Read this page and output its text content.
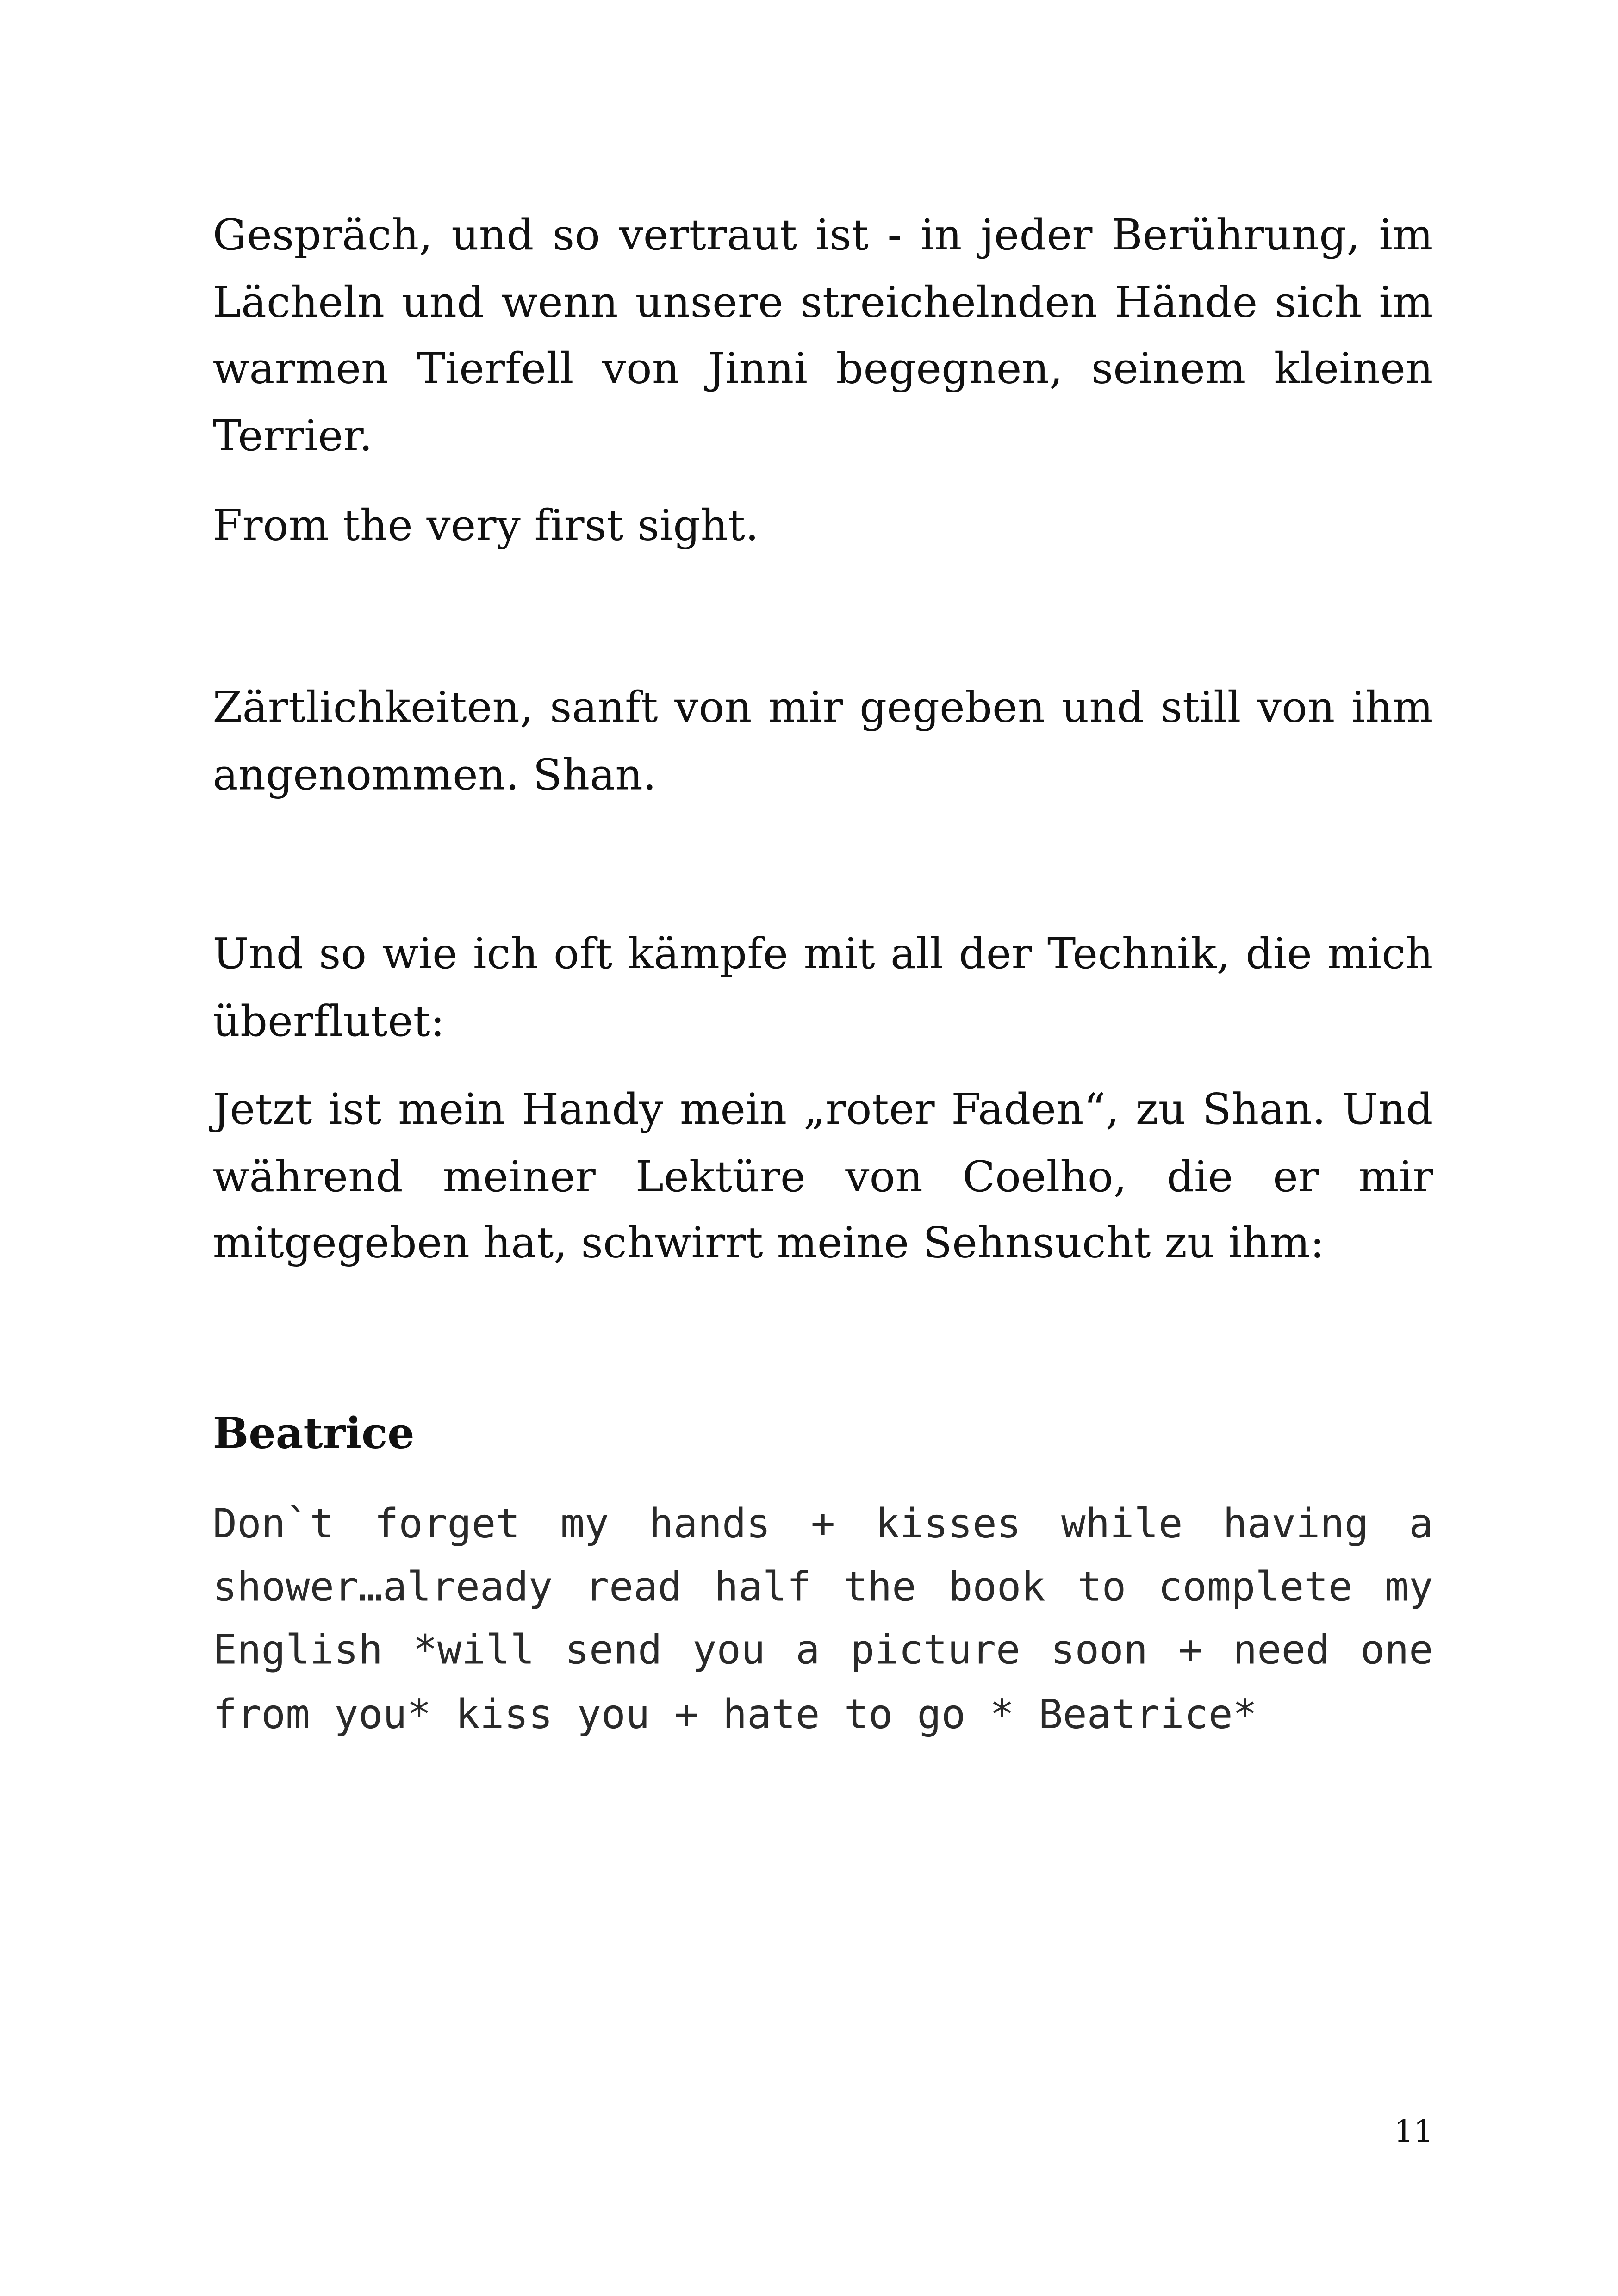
Gespräch, und so vertraut ist - in jeder Berührung, im Lächeln und wenn unsere streichelnden Hände sich im warmen Tierfell von Jinni begegnen, seinem kleinen Terrier.

From the very first sight.

Zärtlichkeiten, sanft von mir gegeben und still von ihm angenommen. Shan.

Und so wie ich oft kämpfe mit all der Technik, die mich überflutet:

Jetzt ist mein Handy mein „roter Faden“, zu Shan. Und während meiner Lektüre von Coelho, die er mir mitgegeben hat, schwirrt meine Sehnsucht zu ihm:

Beatrice

Don`t forget my hands + kisses while having a shower…already read half the book to complete my English *will send you a picture soon + need one from you* kiss you + hate to go * Beatrice*

11
